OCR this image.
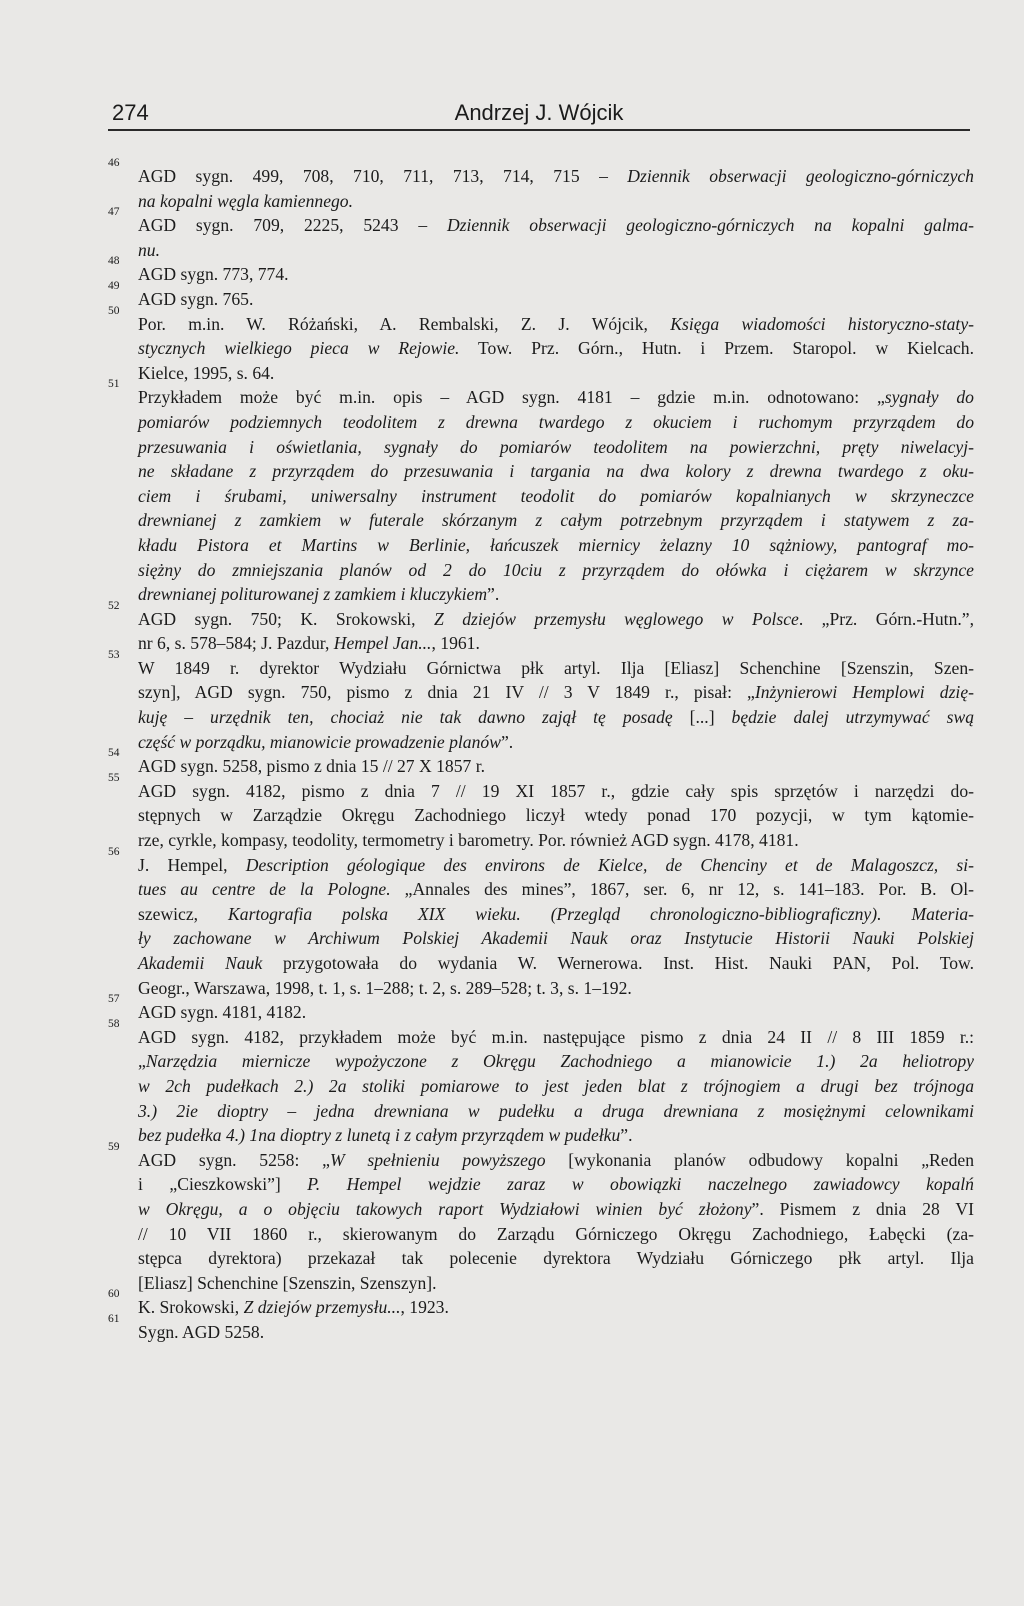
274	Andrzej J. Wójcik
46
AGD sygn. 499, 708, 710, 711, 713, 714, 715 – Dziennik obserwacji geologiczno-górniczych
na kopalni węgla kamiennego.
47
AGD sygn. 709, 2225, 5243 – Dziennik obserwacji geologiczno-górniczych na kopalni galma-
nu.
48
AGD sygn. 773, 774.
49
AGD sygn. 765.
50
Por. m.in. W. Różański, A. Rembalski, Z. J. Wójcik, Księga wiadomości historyczno-staty-
stycznych wielkiego pieca w Rejowie. Tow. Prz. Górn., Hutn. i Przem. Staropol. w Kielcach.
Kielce, 1995, s. 64.
51
Przykładem może być m.in. opis – AGD sygn. 4181 – gdzie m.in. odnotowano: „sygnały do
pomiarów podziemnych teodolitem z drewna twardego z okuciem i ruchomym przyrządem do
przesuwania i oświetlania, sygnały do pomiarów teodolitem na powierzchni, pręty niwelacyj-
ne składane z przyrządem do przesuwania i targania na dwa kolory z drewna twardego z oku-
ciem i śrubami, uniwersalny instrument teodolit do pomiarów kopalnianych w skrzyneczce
drewnianej z zamkiem w futerale skórzanym z całym potrzebnym przyrządem i statywem z za-
kładu Pistora et Martins w Berlinie, łańcuszek miernicy żelazny 10 sążniowy, pantograf mo-
siężny do zmniejszania planów od 2 do 10ciu z przyrządem do ołówka i ciężarem w skrzynce
drewnianej politurowanej z zamkiem i kluczykiem”.
52
AGD sygn. 750; K. Srokowski, Z dziejów przemysłu węglowego w Polsce. „Prz. Górn.-Hutn.”,
nr 6, s. 578–584; J. Pazdur, Hempel Jan..., 1961.
53
W 1849 r. dyrektor Wydziału Górnictwa płk artyl. Ilja [Eliasz] Schenchine [Szenszin, Szen-
szyn], AGD sygn. 750, pismo z dnia 21 IV // 3 V 1849 r., pisał: „Inżynierowi Hemplowi dzię-
kuję – urzędnik ten, chociaż nie tak dawno zajął tę posadę [...] będzie dalej utrzymywać swą
część w porządku, mianowicie prowadzenie planów”.
54
AGD sygn. 5258, pismo z dnia 15 // 27 X 1857 r.
55
AGD sygn. 4182, pismo z dnia 7 // 19 XI 1857 r., gdzie cały spis sprzętów i narzędzi do-
stępnych w Zarządzie Okręgu Zachodniego liczył wtedy ponad 170 pozycji, w tym kątomie-
rze, cyrkle, kompasy, teodolity, termometry i barometry. Por. również AGD sygn. 4178, 4181.
56
J. Hempel, Description géologique des environs de Kielce, de Chenciny et de Malagoszcz, si-
tues au centre de la Pologne. „Annales des mines”, 1867, ser. 6, nr 12, s. 141–183. Por. B. Ol-
szewicz, Kartografia polska XIX wieku. (Przegląd chronologiczno-bibliograficzny). Materia-
ły zachowane w Archiwum Polskiej Akademii Nauk oraz Instytucie Historii Nauki Polskiej
Akademii Nauk przygotowała do wydania W. Wernerowa. Inst. Hist. Nauki PAN, Pol. Tow.
Geogr., Warszawa, 1998, t. 1, s. 1–288; t. 2, s. 289–528; t. 3, s. 1–192.
57
AGD sygn. 4181, 4182.
58
AGD sygn. 4182, przykładem może być m.in. następujące pismo z dnia 24 II // 8 III 1859 r.:
„Narzędzia miernicze wypożyczone z Okręgu Zachodniego a mianowicie 1.) 2a heliotropy
w 2ch pudełkach 2.) 2a stoliki pomiarowe to jest jeden blat z trójnogiem a drugi bez trójnoga
3.) 2ie dioptry – jedna drewniana w pudełku a druga drewniana z mosiężnymi celownikami
bez pudełka 4.) 1na dioptry z lunetą i z całym przyrządem w pudełku”.
59
AGD sygn. 5258: „W spełnieniu powyższego [wykonania planów odbudowy kopalni „Reden
i „Cieszkowski”] P. Hempel wejdzie zaraz w obowiązki naczelnego zawiadowcy kopalń
w Okręgu, a o objęciu takowych raport Wydziałowi winien być złożony”. Pismem z dnia 28 VI
// 10 VII 1860 r., skierowanym do Zarządu Górniczego Okręgu Zachodniego, Łabęcki (za-
stępca dyrektora) przekazał tak polecenie dyrektora Wydziału Górniczego płk artyl. Ilja
[Eliasz] Schenchine [Szenszin, Szenszyn].
60
K. Srokowski, Z dziejów przemysłu..., 1923.
61
Sygn. AGD 5258.
